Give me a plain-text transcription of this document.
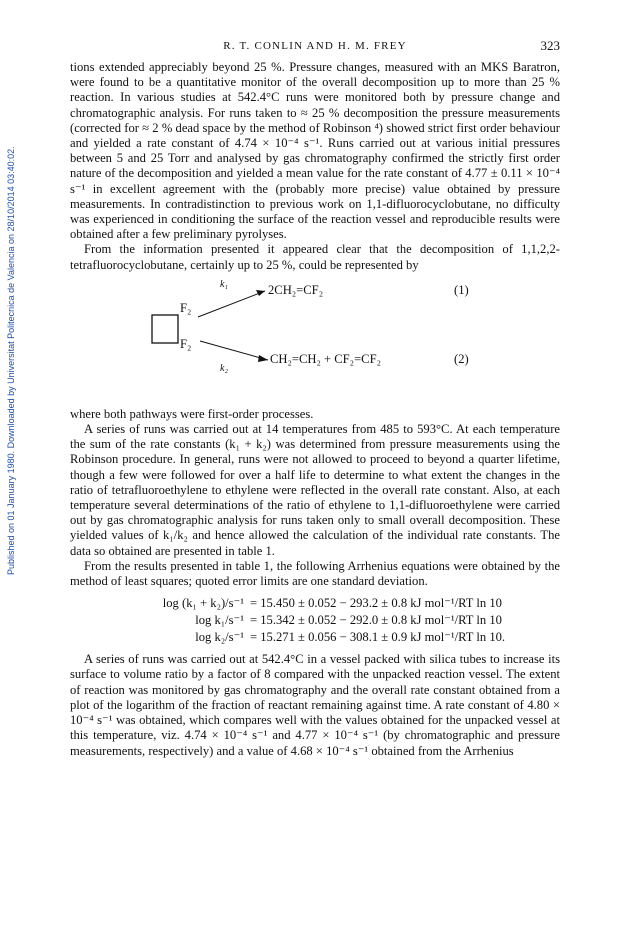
Published on 01 January 1980. Downloaded by Universitat Politecnica de Valencia on 28/10/2014 03:40:02.
R. T. CONLIN AND H. M. FREY	323

tions extended appreciably beyond 25 %. Pressure changes, measured with an MKS Baratron, were found to be a quantitative monitor of the overall decomposition up to more than 25 % reaction. In various studies at 542.4°C runs were monitored both by pressure change and chromatographic analysis. For runs taken to ≈ 25 % decomposition the pressure measurements (corrected for ≈ 2 % dead space by the method of Robinson ⁴) showed strict first order behaviour and yielded a rate constant of 4.74 × 10⁻⁴ s⁻¹. Runs carried out at various initial pressures between 5 and 25 Torr and analysed by gas chromatography confirmed the strictly first order nature of the decomposition and yielded a mean value for the rate constant of 4.77 ± 0.11 × 10⁻⁴ s⁻¹ in excellent agreement with the (probably more precise) value obtained by pressure measurements. In contradistinction to previous work on 1,1-difluorocyclobutane, no difficulty was experienced in conditioning the surface of the reaction vessel and reproducible results were obtained after a few preliminary pyrolyses.

From the information presented it appeared clear that the decomposition of 1,1,2,2-tetrafluorocyclobutane, certainly up to 25 %, could be represented by

F₂
F₂
k₁
k₂
2CH₂=CF₂
CH₂=CH₂ + CF₂=CF₂
(1)
(2)

where both pathways were first-order processes.

A series of runs was carried out at 14 temperatures from 485 to 593°C. At each temperature the sum of the rate constants (k₁ + k₂) was determined from pressure measurements using the Robinson procedure. In general, runs were not allowed to proceed to beyond a quarter lifetime, though a few were followed for over a half life to determine to what extent the changes in the ratio of tetrafluoroethylene to ethylene were reflected in the overall rate constant. Also, at each temperature several determinations of the ratio of ethylene to 1,1-difluoroethylene were carried out by gas chromatographic analysis for runs taken only to small overall decomposition. These yielded values of k₁/k₂ and hence allowed the calculation of the individual rate constants. The data so obtained are presented in table 1.

From the results presented in table 1, the following Arrhenius equations were obtained by the method of least squares; quoted error limits are one standard deviation.

log (k₁ + k₂)/s⁻¹ = 15.450 ± 0.052 − 293.2 ± 0.8 kJ mol⁻¹/RT ln 10
log k₁/s⁻¹ = 15.342 ± 0.052 − 292.0 ± 0.8 kJ mol⁻¹/RT ln 10
log k₂/s⁻¹ = 15.271 ± 0.056 − 308.1 ± 0.9 kJ mol⁻¹/RT ln 10.

A series of runs was carried out at 542.4°C in a vessel packed with silica tubes to increase its surface to volume ratio by a factor of 8 compared with the unpacked reaction vessel. The extent of reaction was monitored by gas chromatography and the overall rate constant obtained from a plot of the logarithm of the fraction of reactant remaining against time. A rate constant of 4.80 × 10⁻⁴ s⁻¹ was obtained, which compares well with the values obtained for the unpacked vessel at this temperature, viz. 4.74 × 10⁻⁴ s⁻¹ and 4.77 × 10⁻⁴ s⁻¹ (by chromatographic and pressure measurements, respectively) and a value of 4.68 × 10⁻⁴ s⁻¹ obtained from the Arrhenius
